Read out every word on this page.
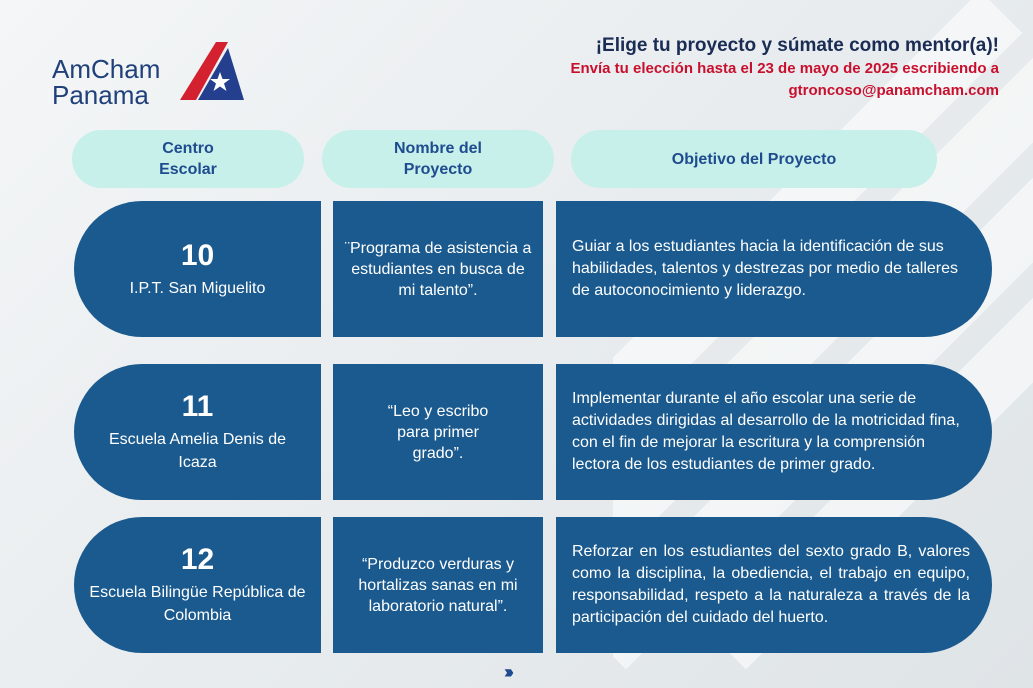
AmCham
Panama
¡Elige tu proyecto y súmate como mentor(a)!
Envía tu elección hasta el 23 de mayo de 2025 escribiendo a
gtroncoso@panamcham.com
Centro
Escolar
Nombre del
Proyecto
Objetivo del Proyecto
10
I.P.T. San Miguelito
¨Programa de asistencia a estudiantes en busca de mi talento”.
Guiar a los estudiantes hacia la identificación de sus habilidades, talentos y destrezas por medio de talleres de autoconocimiento y liderazgo.
11
Escuela Amelia Denis de Icaza
“Leo y escribo para primer grado”.
Implementar durante el año escolar una serie de actividades dirigidas al desarrollo de la motricidad fina, con el fin de mejorar la escritura y la comprensión lectora de los estudiantes de primer grado.
12
Escuela Bilingüe República de Colombia
“Produzco verduras y hortalizas sanas en mi laboratorio natural”.
Reforzar en los estudiantes del sexto grado B, valores como la disciplina, la obediencia, el trabajo en equipo, responsabilidad, respeto a la naturaleza a través de la participación del cuidado del huerto.
›››
